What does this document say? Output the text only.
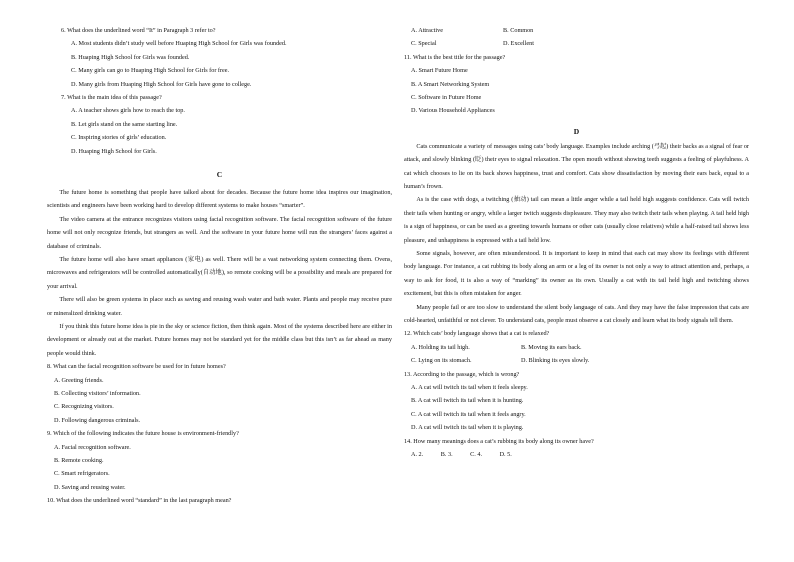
6. What does the underlined word “It” in Paragraph 3 refer to?
A. Most students didn’t study well before Huaping High School for Girls was founded.
B. Huaping High School for Girls was founded.
C. Many girls can go to Huaping High School for Girls for free.
D. Many girls from Huaping High School for Girls have gone to college.
7. What is the main idea of this passage?
A. A teacher shows girls how to reach the top.
B. Let girls stand on the same starting line.
C. Inspiring stories of girls’ education.
D. Huaping High School for Girls.
C

The future home is something that people have talked about for decades. Because the future home idea inspires our imagination, scientists and engineers have been working hard to develop different systems to make houses “smarter”.

The video camera at the entrance recognizes visitors using facial recognition software. The facial recognition software of the future home will not only recognize friends, but strangers as well. And the software in your future home will run the strangers’ faces against a database of criminals.

The future home will also have smart appliances (家电) as well. There will be a vast networking system connecting them. Ovens, microwaves and refrigerators will be controlled automatically(自动地), so remote cooking will be a possibility and meals are prepared for your arrival.

There will also be green systems in place such as saving and reusing wash water and bath water. Plants and people may receive pure or mineralized drinking water.

If you think this future home idea is pie in the sky or science fiction, then think again. Most of the systems described here are either in development or already out at the market. Future homes may not be standard yet for the middle class but this isn’t as far ahead as many people would think.

8. What can the facial recognition software be used for in future homes?
A. Greeting friends.
B. Collecting visitors’ information.
C. Recognizing visitors.
D. Following dangerous criminals.
9. Which of the following indicates the future house is environment-friendly?
A. Facial recognition software.
B. Remote cooking.
C. Smart refrigerators.
D. Saving and reusing water.
10. What does the underlined word “standard” in the last paragraph mean?
A. Attractive	B. Common
C. Special	D. Excellent
11. What is the best title for the passage?
A. Smart Future Home
B. A Smart Networking System
C. Software in Future Home
D. Various Household Appliances
D

Cats communicate a variety of messages using cats’ body language. Examples include arching (弓起) their backs as a signal of fear or attack, and slowly blinking (眨) their eyes to signal relaxation. The open mouth without showing teeth suggests a feeling of playfulness. A cat which chooses to lie on its back shows happiness, trust and comfort. Cats show dissatisfaction by moving their ears back, equal to a human’s frown.

As is the case with dogs, a twitching (抽动) tail can mean a little anger while a tail held high suggests confidence. Cats will twitch their tails when hunting or angry, while a larger twitch suggests displeasure. They may also twitch their tails when playing. A tail held high is a sign of happiness, or can be used as a greeting towards humans or other cats (usually close relatives) while a half-raised tail shows less pleasure, and unhappiness is expressed with a tail held low.

Some signals, however, are often misunderstood. It is important to keep in mind that each cat may show its feelings with different body language. For instance, a cat rubbing its body along an arm or a leg of its owner is not only a way to attract attention and, perhaps, a way to ask for food, it is also a way of “marking” its owner as its own. Usually a cat with its tail held high and twitching shows excitement, but this is often mistaken for anger.

Many people fail or are too slow to understand the silent body language of cats. And they may have the false impression that cats are cold-hearted, unfaithful or not clever. To understand cats, people must observe a cat closely and learn what its body signals tell them.

12. Which cats’ body language shows that a cat is relaxed?
A. Holding its tail high.	B. Moving its ears back.
C. Lying on its stomach.	D. Blinking its eyes slowly.
13. According to the passage, which is wrong?
A. A cat will twitch its tail when it feels sleepy.
B. A cat will twitch its tail when it is hunting.
C. A cat will twitch its tail when it feels angry.
D. A cat will twitch its tail when it is playing.
14. How many meanings does a cat’s rubbing its body along its owner have?
A. 2.	B. 3.	C. 4.	D. 5.
